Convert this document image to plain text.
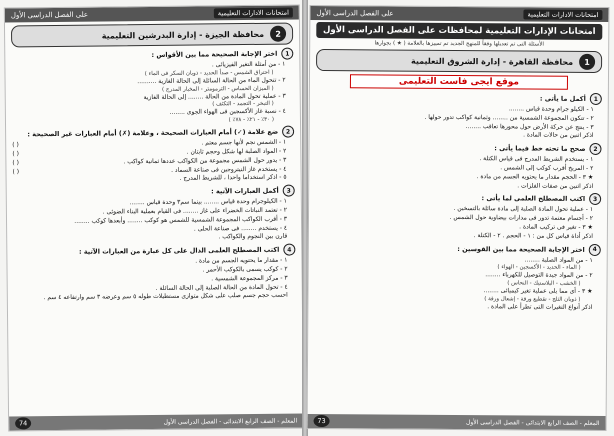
امتحانات الادارات التعليمية
على الفصل الدراسى الأول
2
محافظة الجيزة - إدارة البدرشين التعليمية
1
اختر الإجابة الصحيحة مما بين الأقواس :
١ - من أمثلة التغير الفيزيائى .
( احتراق الشمس - صدأ الحديد - ذوبان السكر فى الماء )
٢ - تتحول الماء من الحالة السائلة إلى الحالة الغازية ..........
( الميزان الحساس - الترمومتر - المخبار المدرج )
٣ - عملية تحول المادة من الحالة ........ إلى الحالة الغازية
( التبخر - التجمد - التكثف )
٤ - نسبة غاز الأكسجين فى الهواء الجوى ........
( ٣٠٪ - ٢١٪ - ٧٨٪ )
2
ضع علامة (✓) أمام العبارات الصحيحة ، وعلامة (✗) أمام العبارات غير الصحيحة :
١ - الشمس نجم لأنها جسم معتم .
( )
٢ - المواد الصلبة لها شكل وحجم ثابتان .
( )
٣ - يدور حول الشمس مجموعة من الكواكب عددها ثمانية كواكب .
( )
٤ - يستخدم غاز النيتروجين فى صناعة السماد .
( )
٥ - اذكر استخداما واحدا ، للشريط المدرج .
3
أكمل العبارات الآتية :
١ - الكيلوجرام وحدة قياس ........ بينما سم٣ وحدة قياس ........
٢ - تعتمد النباتات الخضراء على غاز ........ فى القيام بعملية البناء الضوئى .
٣ - أقرب الكواكب المجموعة الشمسية للشمس هو كوكب ........ وأبعدها كوكب ........
٤ - يستخدم ........ فى صناعة الحلى .
قارن بين النجوم والكواكب .
4
اكتب المصطلح العلمى الدال على كل عبارة من العبارات الآتية :
١ - مقدار ما يحتويه الجسم من مادة .
٢ - كوكب يسمى بالكوكب الأحمر .
٣ - مركز المجموعة الشمسية .
٤ - تحول المادة من الحالة الصلبة إلى الحالة السائلة .
احسب حجم جسم صلب على شكل متوازى مستطيلات طوله ٥ سم وعرضه ٣ سم وارتفاعه ٤ سم .
المعلم - الصف الرابع الابتدائى - الفصل الدراسى الأول
74
امتحانات الادارات التعليمية
على الفصل الدراسى الأول
امتحانات الإدارات التعليمية لمحافظات على الفصل الدراسى الأول
الأسئلة التى تم تعديلها وفقاً للمنهج الجديد تم تمييزها بالعلامة ( ★ ) بجوارها
1
محافظة القاهرة - إدارة الشروق التعليمية
موقع ايجى فاست التعليمى
1
أكمل ما يأتى :
١ - الكيلو جرام وحدة قياس ........
٢ - تتكون المجموعة الشمسية من ........ وثمانية كواكب تدور حولها .
٣ - ينتج عن حركة الأرض حول محورها تعاقب ........
اذكر اثنين من حالات المادة .
2
صحح ما تحته خط فيما يأتى :
١ - يستخدم الشريط المدرج فى قياس الكتلة .
٢ - المريخ أقرب كوكب إلى الشمس .
★ ٣ - الحجم مقدار ما يحتويه الجسم من مادة .
اذكر اثنين من صفات الفلزات .
3
اكتب المصطلح العلمى لما يأتى :
١ - عملية تحول المادة الصلبة إلى مادة سائلة بالتسخين .
٢ - أجسام معتمة تدور فى مدارات بيضاوية حول الشمس .
★ ٣ - تغير فى تركيب المادة .
اذكر أداة قياس كل من : ١ - الحجم . ٢ - الكتلة .
4
اختر الإجابة الصحيحة مما بين القوسين :
١ - من المواد الصلبة ........
( الماء - الحديد - الأكسجين - الهواء )
٢ - من المواد جيدة التوصيل للكهرباء ........
( الخشب - البلاستيك - النحاس )
★ ٣ - أى مما يلى عملية تغير كيميائى ........
( ذوبان الثلج - تقطيع ورقة - إشعال ورقة )
اذكر أنواع التغيرات التى تطرأ على المادة .
المعلم - الصف الرابع الابتدائى - الفصل الدراسى الأول
73
